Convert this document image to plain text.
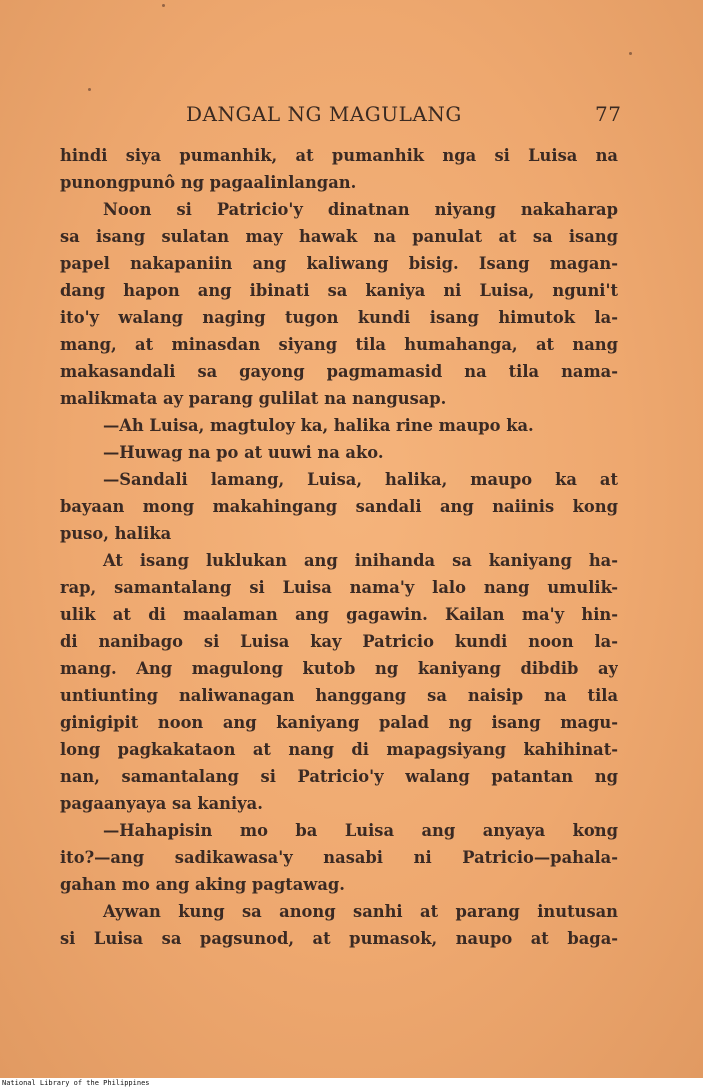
DANGAL NG MAGULANG	77
hindi siya pumanhik, at pumanhik nga si Luisa na
punongpunô ng pagaalinlangan.
Noon si Patricio'y dinatnan niyang nakaharap
sa isang sulatan may hawak na panulat at sa isang
papel nakapaniin ang kaliwang bisig. Isang magan-
dang hapon ang ibinati sa kaniya ni Luisa, nguni't
ito'y walang naging tugon kundi isang himutok la-
mang, at minasdan siyang tila humahanga, at nang
makasandali sa gayong pagmamasid na tila nama-
malikmata ay parang gulilat na nangusap.
—Ah Luisa, magtuloy ka, halika rine maupo ka.
—Huwag na po at uuwi na ako.
—Sandali lamang, Luisa, halika, maupo ka at
bayaan mong makahingang sandali ang naiinis kong
puso, halika
At isang luklukan ang inihanda sa kaniyang ha-
rap, samantalang si Luisa nama'y lalo nang umulik-
ulik at di maalaman ang gagawin. Kailan ma'y hin-
di nanibago si Luisa kay Patricio kundi noon la-
mang. Ang magulong kutob ng kaniyang dibdib ay
untiunting naliwanagan hanggang sa naisip na tila
ginigipit noon ang kaniyang palad ng isang magu-
long pagkakataon at nang di mapagsiyang kahihinat-
nan, samantalang si Patricio'y walang patantan ng
pagaanyaya sa kaniya.
—Hahapisin mo ba Luisa ang anyaya kong
ito?—ang sadikawasa'y nasabi ni Patricio—pahala-
gahan mo ang aking pagtawag.
Aywan kung sa anong sanhi at parang inutusan
si Luisa sa pagsunod, at pumasok, naupo at baga-
National Library of the Philippines
